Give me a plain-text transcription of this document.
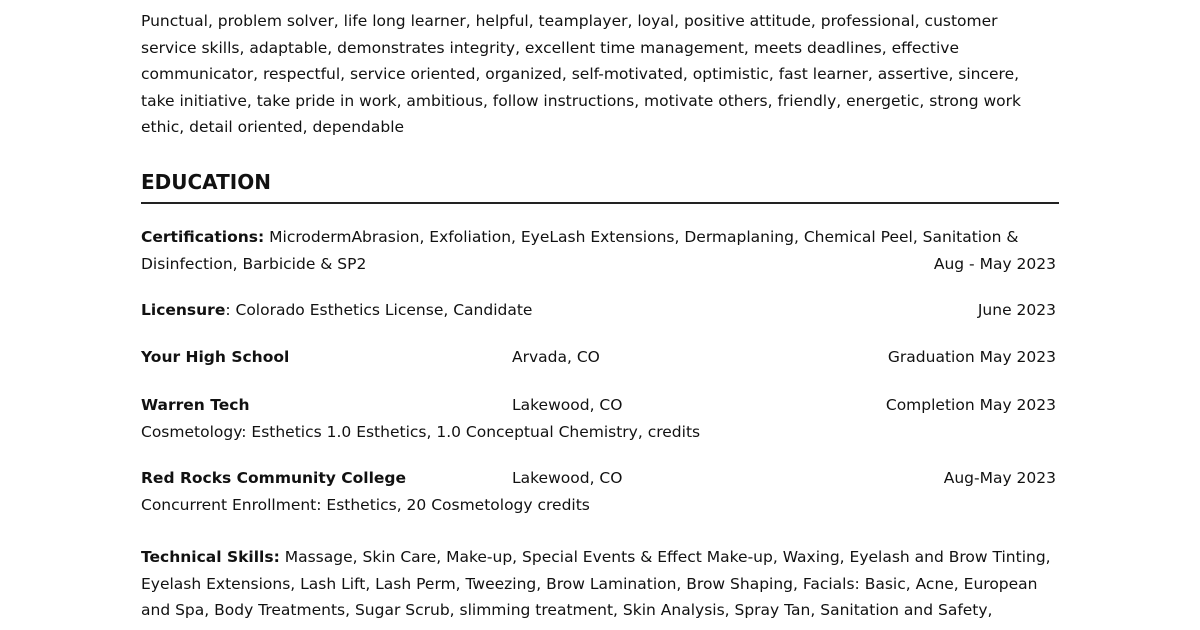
Punctual, problem solver, life long learner, helpful, teamplayer, loyal, positive attitude, professional, customer service skills, adaptable, demonstrates integrity, excellent time management, meets deadlines, effective communicator, respectful, service oriented, organized, self-motivated, optimistic, fast learner, assertive, sincere, take initiative, take pride in work, ambitious, follow instructions, motivate others, friendly, energetic, strong work ethic, detail oriented, dependable

EDUCATION
Certifications: MicrodermAbrasion, Exfoliation, EyeLash Extensions, Dermaplaning, Chemical Peel, Sanitation &
Disinfection, Barbicide & SP2	Aug - May 2023
Licensure: Colorado Esthetics License, Candidate	June 2023
Your High School	Arvada, CO	Graduation May 2023
Warren Tech	Lakewood, CO	Completion May 2023
Cosmetology: Esthetics 1.0 Esthetics, 1.0 Conceptual Chemistry, credits
Red Rocks Community College	Lakewood, CO	Aug-May 2023
Concurrent Enrollment: Esthetics, 20 Cosmetology credits

Technical Skills: Massage, Skin Care, Make-up, Special Events & Effect Make-up, Waxing, Eyelash and Brow Tinting, Eyelash Extensions, Lash Lift, Lash Perm, Tweezing, Brow Lamination, Brow Shaping, Facials: Basic, Acne, European and Spa, Body Treatments, Sugar Scrub, slimming treatment, Skin Analysis, Spray Tan, Sanitation and Safety,
